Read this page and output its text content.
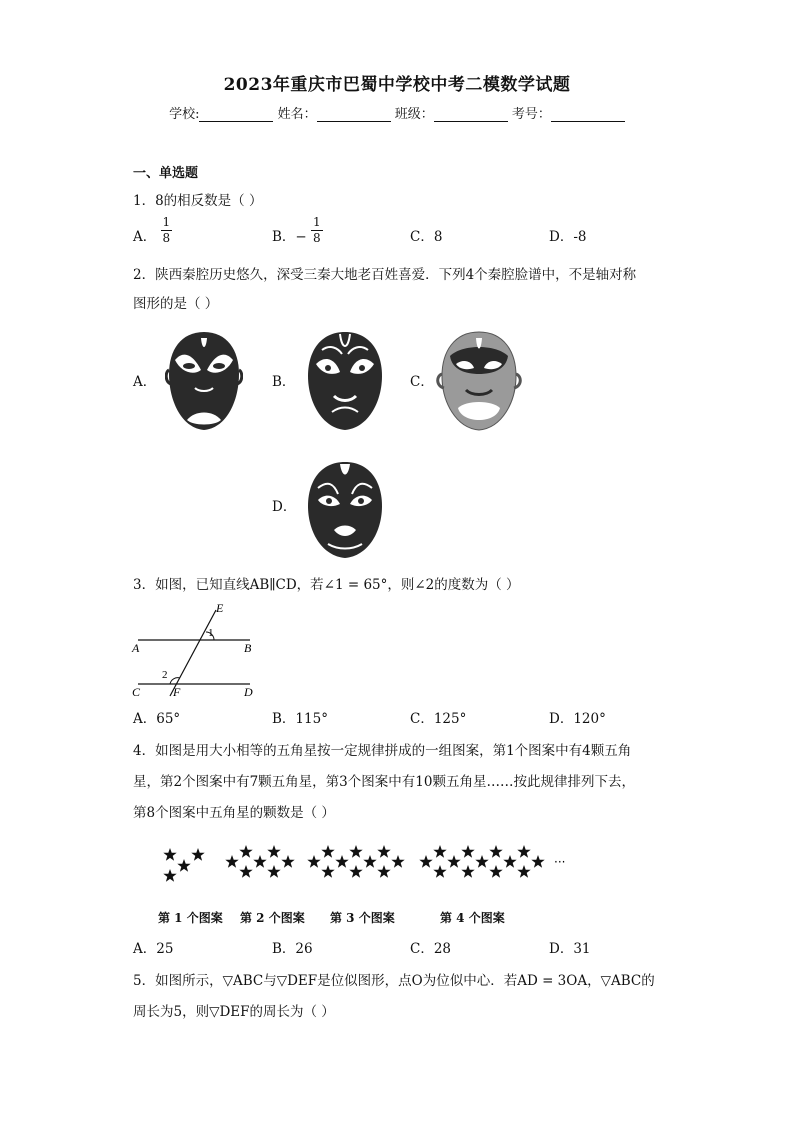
2023年重庆市巴蜀中学校中考二模数学试题
学校:	姓名：	班级：	考号：
一、单选题
1．8的相反数是（ ）
A． $\frac{1}{8}$	B．− $\frac{1}{8}$	C．8	D．-8
2．陕西秦腔历史悠久，深受三秦大地老百姓喜爱．下列4个秦腔脸谱中，不是轴对称
图形的是（ ）
A．	B．	C．
D．
3．如图，已知直线AB∥CD，若∠1 = 65°，则∠2的度数为（ ）
E
A	B
C	D
F
1
2
A．65°	B．115°	C．125°	D．120°
4．如图是用大小相等的五角星按一定规律拼成的一组图案，第1个图案中有4颗五角
星，第2个图案中有7颗五角星，第3个图案中有10颗五角星……按此规律排列下去，
第8个图案中五角星的颗数是（ ）
···
第 1 个图案 第 2 个图案 第 3 个图案	第 4 个图案
A．25	B．26	C．28	D．31
5．如图所示，▽ABC与▽DEF是位似图形，点O为位似中心．若AD = 3OA，▽ABC的
周长为5，则▽DEF的周长为（ ）
